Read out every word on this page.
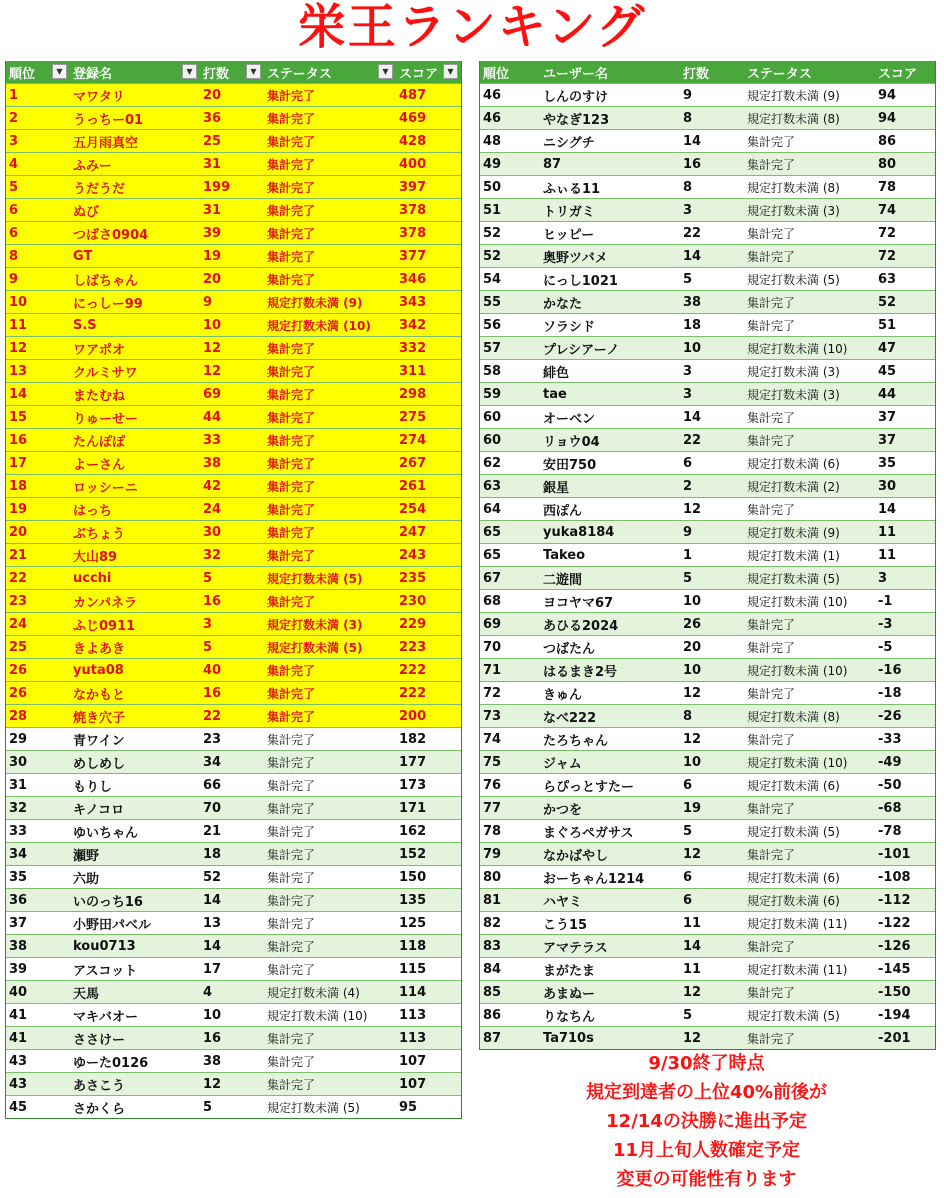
栄王ランキング
順位	▼ 登録名	▼ 打数	▼ ステータス	▼ スコア	▼
1	マワタリ	20	集計完了	487
2	うっちー01	36	集計完了	469
3	五月雨真空	25	集計完了	428
4	ふみー	31	集計完了	400
5	うだうだ	199	集計完了	397
6	ぬび	31	集計完了	378
6	つばさ0904	39	集計完了	378
8	GT	19	集計完了	377
9	しばちゃん	20	集計完了	346
10	にっしー99	9	規定打数未満 (9)	343
11	S.S	10	規定打数未満 (10)	342
12	ワアポオ	12	集計完了	332
13	クルミサワ	12	集計完了	311
14	またむね	69	集計完了	298
15	りゅーせー	44	集計完了	275
16	たんぽぽ	33	集計完了	274
17	よーさん	38	集計完了	267
18	ロッシーニ	42	集計完了	261
19	はっち	24	集計完了	254
20	ぶちょう	30	集計完了	247
21	大山89	32	集計完了	243
22	ucchi	5	規定打数未満 (5)	235
23	カンパネラ	16	集計完了	230
24	ふじ0911	3	規定打数未満 (3)	229
25	きよあき	5	規定打数未満 (5)	223
26	yuta08	40	集計完了	222
26	なかもと	16	集計完了	222
28	焼き穴子	22	集計完了	200
29	青ワイン	23	集計完了	182
30	めしめし	34	集計完了	177
31	もりし	66	集計完了	173
32	キノコロ	70	集計完了	171
33	ゆいちゃん	21	集計完了	162
34	瀬野	18	集計完了	152
35	六助	52	集計完了	150
36	いのっち16	14	集計完了	135
37	小野田パベル	13	集計完了	125
38	kou0713	14	集計完了	118
39	アスコット	17	集計完了	115
40	天馬	4	規定打数未満 (4)	114
41	マキバオー	10	規定打数未満 (10)	113
41	ささけー	16	集計完了	113
43	ゆーた0126	38	集計完了	107
43	あさこう	12	集計完了	107
45	さかくら	5	規定打数未満 (5)	95
順位	ユーザー名	打数	ステータス	スコア
46	しんのすけ	9	規定打数未満 (9)	94
46	やなぎ123	8	規定打数未満 (8)	94
48	ニシグチ	14	集計完了	86
49	87	16	集計完了	80
50	ふぃる11	8	規定打数未満 (8)	78
51	トリガミ	3	規定打数未満 (3)	74
52	ヒッピー	22	集計完了	72
52	奥野ツバメ	14	集計完了	72
54	にっし1021	5	規定打数未満 (5)	63
55	かなた	38	集計完了	52
56	ソラシド	18	集計完了	51
57	プレシアーノ	10	規定打数未満 (10)	47
58	緋色	3	規定打数未満 (3)	45
59	tae	3	規定打数未満 (3)	44
60	オーベン	14	集計完了	37
60	リョウ04	22	集計完了	37
62	安田750	6	規定打数未満 (6)	35
63	銀星	2	規定打数未満 (2)	30
64	西ぽん	12	集計完了	14
65	yuka8184	9	規定打数未満 (9)	11
65	Takeo	1	規定打数未満 (1)	11
67	二遊間	5	規定打数未満 (5)	3
68	ヨコヤマ67	10	規定打数未満 (10)	-1
69	あひる2024	26	集計完了	-3
70	つばたん	20	集計完了	-5
71	はるまき2号	10	規定打数未満 (10)	-16
72	きゅん	12	集計完了	-18
73	なべ222	8	規定打数未満 (8)	-26
74	たろちゃん	12	集計完了	-33
75	ジャム	10	規定打数未満 (10)	-49
76	らぴっとすたー	6	規定打数未満 (6)	-50
77	かつを	19	集計完了	-68
78	まぐろペガサス	5	規定打数未満 (5)	-78
79	なかばやし	12	集計完了	-101
80	おーちゃん1214	6	規定打数未満 (6)	-108
81	ハヤミ	6	規定打数未満 (6)	-112
82	こう15	11	規定打数未満 (11)	-122
83	アマテラス	14	集計完了	-126
84	まがたま	11	規定打数未満 (11)	-145
85	あまぬー	12	集計完了	-150
86	りなちん	5	規定打数未満 (5)	-194
87	Ta710s	12	集計完了	-201
9/30終了時点
規定到達者の上位40%前後が
12/14の決勝に進出予定
11月上旬人数確定予定
変更の可能性有ります
